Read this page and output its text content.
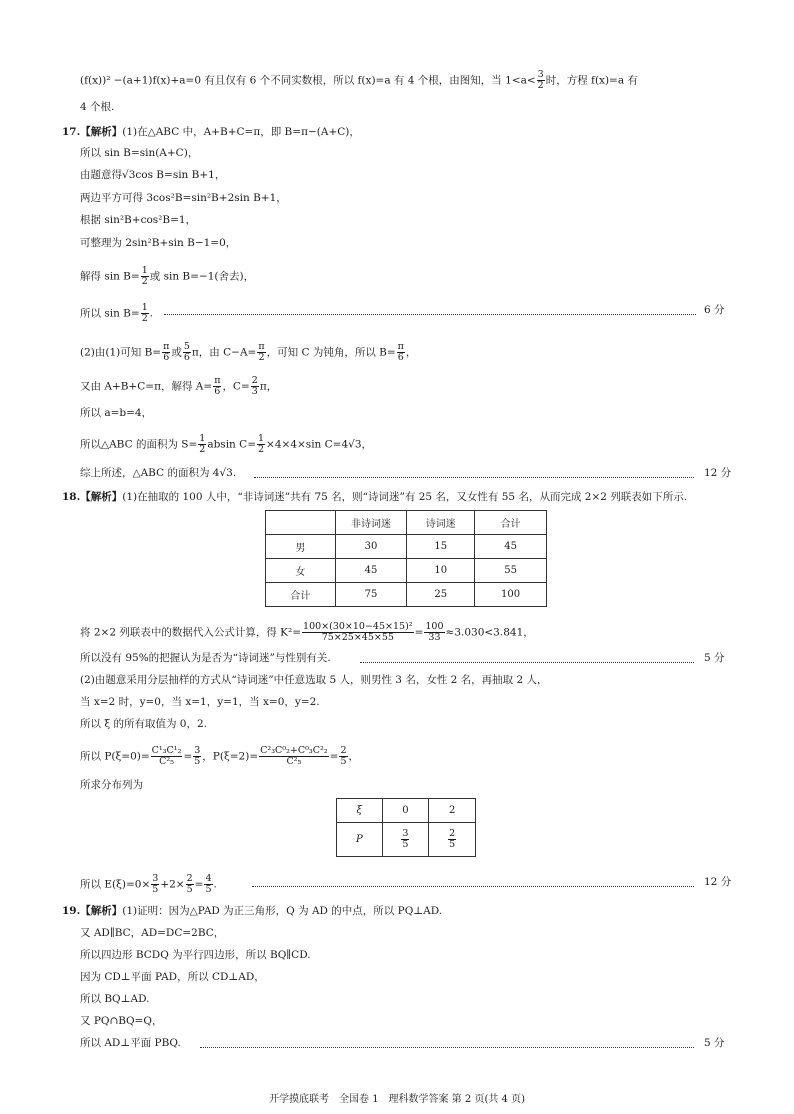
(f(x))² −(a+1)f(x)+a=0 有且仅有 6 个不同实数根，所以 f(x)=a 有 4 个根，由图知，当 $1<a< \frac{3}{2}$ 时，方程 f(x)=a 有
4 个根.
17.【解析】(1)在△ABC 中，A+B+C=π，即 B=π−(A+C)，
所以 sin B=sin(A+C)，
由题意得√3cos B=sin B+1，
两边平方可得 3cos²B=sin²B+2sin B+1，
根据 sin²B+cos²B=1，
可整理为 2sin²B+sin B−1=0，
解得 $\sin B= \frac{1}{2}$ 或 sin B=−1(舍去)，
所以 $\sin B= \frac{1}{2}$ .	6 分
(2)由(1)可知 $B= \frac{\pi}{6}$ 或 $\frac{5}{6}$ π，由 $C-A= \frac{\pi}{2}$ ，可知 C 为钝角，所以 $B= \frac{\pi}{6}$ ，
又由 A+B+C=π，解得 $A= \frac{\pi}{6}$ ，$C= \frac{2}{3}$ π，
所以 a=b=4，
所以△ABC 的面积为 $S= \frac{1}{2}$ absin $C= \frac{1}{2} \times 4\times 4\times\sin$ C=4√3，
综上所述，△ABC 的面积为 4√3.	12 分
18.【解析】(1)在抽取的 100 人中，“非诗词迷”共有 75 名，则“诗词迷”有 25 名，又女性有 55 名，从而完成 2×2 列联表如下所示.
	非诗词迷	诗词迷	合计
男	30	15	45
女	45	10	55
合计	75	25	100
将 2×2 列联表中的数据代入公式计算，得 $K^2= \frac{\text{100×(30×10−45×15)²}}{75\times 25\times 45\times 55} = \frac{100}{33} \approx 3.030<3.841$，
所以没有 95%的把握认为是否为“诗词迷”与性别有关.	5 分
(2)由题意采用分层抽样的方式从“诗词迷”中任意选取 5 人，则男性 3 名，女性 2 名，再抽取 2 人，
当 x=2 时，y=0，当 x=1，y=1，当 x=0，y=2.
所以 ξ 的所有取值为 0，2.
所以 $P(\xi=0)= \frac{\text{C¹₃C¹₂}}{\text{C²₅}} = \frac{3}{5}$ ，$P(\xi=2)= \frac{\text{C²₃C⁰₂+C⁰₃C²₂}}{\text{C²₅}} = \frac{2}{5}$ ，
所求分布列为
ξ	0	2
P	$\frac{3}{5}$	$\frac{2}{5}$
所以 $E(\xi)=0\times \frac{3}{5} +2\times \frac{2}{5} = \frac{4}{5}$ .	12 分
19.【解析】(1)证明：因为△PAD 为正三角形，Q 为 AD 的中点，所以 PQ⊥AD.
又 AD∥BC，AD=DC=2BC，
所以四边形 BCDQ 为平行四边形，所以 BQ∥CD.
因为 CD⊥平面 PAD，所以 CD⊥AD，
所以 BQ⊥AD.
又 PQ∩BQ=Q，
所以 AD⊥平面 PBQ.	5 分
开学摸底联考　全国卷 1　理科数学答案 第 2 页(共 4 页)
